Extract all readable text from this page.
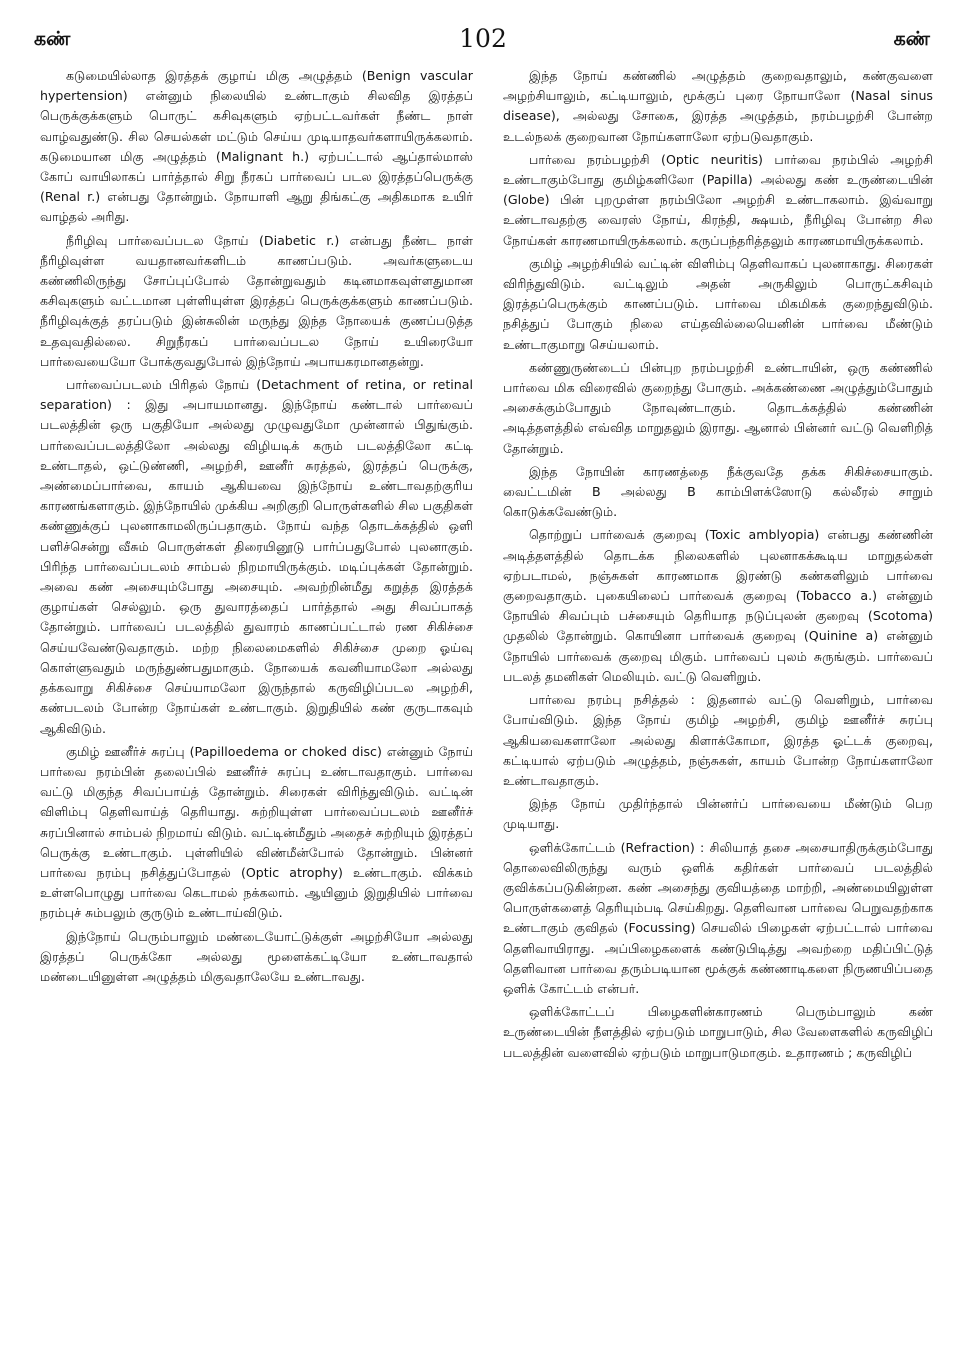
கண்	102	கண்

கடுமையில்லாத இரத்தக் குழாய் மிகு அழுத்தம் (Benign vascular hypertension) என்னும் நிலையில் உண்டாகும் சிலவித இரத்தப் பெருக்குக்களும் பொருட் கசிவுகளும் ஏற்பட்டவர்கள் நீண்ட நாள் வாழ்வதுண்டு. சில செயல்கள் மட்டும் செய்ய முடியாதவர்களாயிருக்கலாம். கடுமையான மிகு அழுத்தம் (Malignant h.) ஏற்பட்டால் ஆப்தால்மாஸ் கோப் வாயிலாகப் பார்த்தால் சிறு நீரகப் பார்வைப் படல இரத்தப்பெருக்கு (Renal r.) என்பது தோன்றும். நோயாளி ஆறு திங்கட்கு அதிகமாக உயிர் வாழ்தல் அரிது.

நீரிழிவு பார்வைப்படல நோய் (Diabetic r.) என்பது நீண்ட நாள் நீரிழிவுள்ள வயதானவர்களிடம் காணப்படும். அவர்களுடைய கண்ணிலிருந்து சோப்புப்போல் தோன்றுவதும் கடினமாகவுள்ளதுமான கசிவுகளும் வட்டமான புள்ளியுள்ள இரத்தப் பெருக்குக்களும் காணப்படும். நீரிழிவுக்குத் தரப்படும் இன்சுலின் மருந்து இந்த நோயைக் குணப்படுத்த உதவுவதில்லை. சிறுநீரகப் பார்வைப்படல நோய் உயிரையோ பார்வையையோ போக்குவதுபோல் இந்நோய் அபாயகரமானதன்று.

பார்வைப்படலம் பிரிதல் நோய் (Detachment of retina, or retinal separation) : இது அபாயமானது. இந்நோய் கண்டால் பார்வைப் படலத்தின் ஒரு பகுதியோ அல்லது முழுவதுமோ முன்னால் பிதுங்கும். பார்வைப்படலத்திலோ அல்லது விழியடிக் கரும் படலத்திலோ கட்டி உண்டாதல், ஒட்டுண்ணி, அழற்சி, ஊனீர் சுரத்தல், இரத்தப் பெருக்கு, அண்மைப்பார்வை, காயம் ஆகியவை இந்நோய் உண்டாவதற்குரிய காரணங்களாகும். இந்நோயில் முக்கிய அறிகுறி பொருள்களில் சில பகுதிகள் கண்ணுக்குப் புலனாகாமலிருப்பதாகும். நோய் வந்த தொடக்கத்தில் ஒளி பளிச்சென்று வீசும் பொருள்கள் திரையினூடு பார்ப்பதுபோல் புலனாகும். பிரிந்த பார்வைப்படலம் சாம்பல் நிறமாயிருக்கும். மடிப்புக்கள் தோன்றும். அவை கண் அசையும்போது அசையும். அவற்றின்மீது கறுத்த இரத்தக் குழாய்கள் செல்லும். ஒரு துவாரத்தைப் பார்த்தால் அது சிவப்பாகத் தோன்றும். பார்வைப் படலத்தில் துவாரம் காணப்பட்டால் ரண சிகிச்சை செய்யவேண்டுவதாகும். மற்ற நிலைமைகளில் சிகிச்சை முறை ஓய்வு கொள்ளுவதும் மருந்துண்பதுமாகும். நோயைக் கவனியாமலோ அல்லது தக்கவாறு சிகிச்சை செய்யாமலோ இருந்தால் கருவிழிப்படல அழற்சி, கண்படலம் போன்ற நோய்கள் உண்டாகும். இறுதியில் கண் குருடாகவும் ஆகிவிடும்.

குமிழ் ஊனீர்ச் சுரப்பு (Papilloedema or choked disc) என்னும் நோய் பார்வை நரம்பின் தலைப்பில் ஊனீர்ச் சுரப்பு உண்டாவதாகும். பார்வை வட்டு மிகுந்த சிவப்பாய்த் தோன்றும். சிரைகள் விரிந்துவிடும். வட்டின் விளிம்பு தெளிவாய்த் தெரியாது. சுற்றியுள்ள பார்வைப்படலம் ஊனீர்ச் சுரப்பினால் சாம்பல் நிறமாய் விடும். வட்டின்மீதும் அதைச் சுற்றியும் இரத்தப் பெருக்கு உண்டாகும். புள்ளியில் விண்மீன்போல் தோன்றும். பின்னர் பார்வை நரம்பு நசித்துப்போதல் (Optic atrophy) உண்டாகும். விக்கம் உள்ளபொழுது பார்வை கெடாமல் நக்கலாம். ஆயினும் இறுதியில் பார்வை நரம்புச் சும்பலும் குருடும் உண்டாய்விடும்.

இந்நோய் பெரும்பாலும் மண்டையோட்டுக்குள் அழற்சியோ அல்லது இரத்தப் பெருக்கோ அல்லது மூளைக்கட்டியோ உண்டாவதால் மண்டையினுள்ள அழுத்தம் மிகுவதாலேயே உண்டாவது.

இந்த நோய் கண்ணில் அழுத்தம் குறைவதாலும், கண்குவளை அழற்சியாலும், கட்டியாலும், மூக்குப் புரை நோயாலோ (Nasal sinus disease), அல்லது சோகை, இரத்த அழுத்தம், நரம்பழற்சி போன்ற உடல்நலக் குறைவான நோய்களாலோ ஏற்படுவதாகும்.

பார்வை நரம்பழற்சி (Optic neuritis) பார்வை நரம்பில் அழற்சி உண்டாகும்போது குமிழ்களிலோ (Papilla) அல்லது கண் உருண்டையின் (Globe) பின் புறமுள்ள நரம்பிலோ அழற்சி உண்டாகலாம். இவ்வாறு உண்டாவதற்கு வைரஸ் நோய், கிரந்தி, க்ஷயம், நீரிழிவு போன்ற சில நோய்கள் காரணமாயிருக்கலாம். கருப்பந்தரித்தலும் காரணமாயிருக்கலாம்.

குமிழ் அழற்சியில் வட்டின் விளிம்பு தெளிவாகப் புலனாகாது. சிரைகள் விரிந்துவிடும். வட்டிலும் அதன் அருகிலும் பொருட்கசிவும் இரத்தப்பெருக்கும் காணப்படும். பார்வை மிகமிகக் குறைந்துவிடும். நசித்துப் போகும் நிலை எய்தவில்லையெனின் பார்வை மீண்டும் உண்டாகுமாறு செய்யலாம்.

கண்ணுருண்டைப் பின்புற நரம்பழற்சி உண்டாயின், ஒரு கண்ணில் பார்வை மிக விரைவில் குறைந்து போகும். அக்கண்ணை அழுத்தும்போதும் அசைக்கும்போதும் நோவுண்டாகும். தொடக்கத்தில் கண்ணின் அடித்தளத்தில் எவ்வித மாறுதலும் இராது. ஆனால் பின்னர் வட்டு வெளிறித் தோன்றும்.

இந்த நோயின் காரணத்தை நீக்குவதே தக்க சிகிச்சையாகும். வைட்டமின் B அல்லது B காம்பிளக்ஸோடு கல்லீரல் சாறும் கொடுக்கவேண்டும்.

தொற்றுப் பார்வைக் குறைவு (Toxic amblyopia) என்பது கண்ணின் அடித்தளத்தில் தொடக்க நிலைகளில் புலனாகக்கூடிய மாறுதல்கள் ஏற்படாமல், நஞ்சுகள் காரணமாக இரண்டு கண்களிலும் பார்வை குறைவதாகும். புகையிலைப் பார்வைக் குறைவு (Tobacco a.) என்னும் நோயில் சிவப்பும் பச்சையும் தெரியாத நடுப்புலன் குறைவு (Scotoma) முதலில் தோன்றும். கொயினா பார்வைக் குறைவு (Quinine a) என்னும் நோயில் பார்வைக் குறைவு மிகும். பார்வைப் புலம் சுருங்கும். பார்வைப் படலத் தமனிகள் மெலியும். வட்டு வெளிறும்.

பார்வை நரம்பு நசித்தல் : இதனால் வட்டு வெளிறும், பார்வை போய்விடும். இந்த நோய் குமிழ் அழற்சி, குமிழ் ஊனீர்ச் சுரப்பு ஆகியவைகளாலோ அல்லது கிளாக்கோமா, இரத்த ஓட்டக் குறைவு, கட்டியால் ஏற்படும் அழுத்தம், நஞ்சுகள், காயம் போன்ற நோய்களாலோ உண்டாவதாகும்.

இந்த நோய் முதிர்ந்தால் பின்னர்ப் பார்வையை மீண்டும் பெற முடியாது.

ஒளிக்கோட்டம் (Refraction) : சிலியாத் தசை அசையாதிருக்கும்போது தொலைவிலிருந்து வரும் ஒளிக் கதிர்கள் பார்வைப் படலத்தில் குவிக்கப்படுகின்றன. கண் அசைந்து குவியத்தை மாற்றி, அண்மையிலுள்ள பொருள்களைத் தெரியும்படி செய்கிறது. தெளிவான பார்வை பெறுவதற்காக உண்டாகும் குவிதல் (Focussing) செயலில் பிழைகள் ஏற்பட்டால் பார்வை தெளிவாயிராது. அப்பிழைகளைக் கண்டுபிடித்து அவற்றை மதிப்பிட்டுத் தெளிவான பார்வை தரும்படியான மூக்குக் கண்ணாடிகளை நிருணயிப்பதை ஒளிக் கோட்டம் என்பர்.

ஒளிக்கோட்டப் பிழைகளின்காரணம் பெரும்பாலும் கண் உருண்டையின் நீளத்தில் ஏற்படும் மாறுபாடும், சில வேளைகளில் கருவிழிப் படலத்தின் வளைவில் ஏற்படும் மாறுபாடுமாகும். உதாரணம் ; கருவிழிப்
